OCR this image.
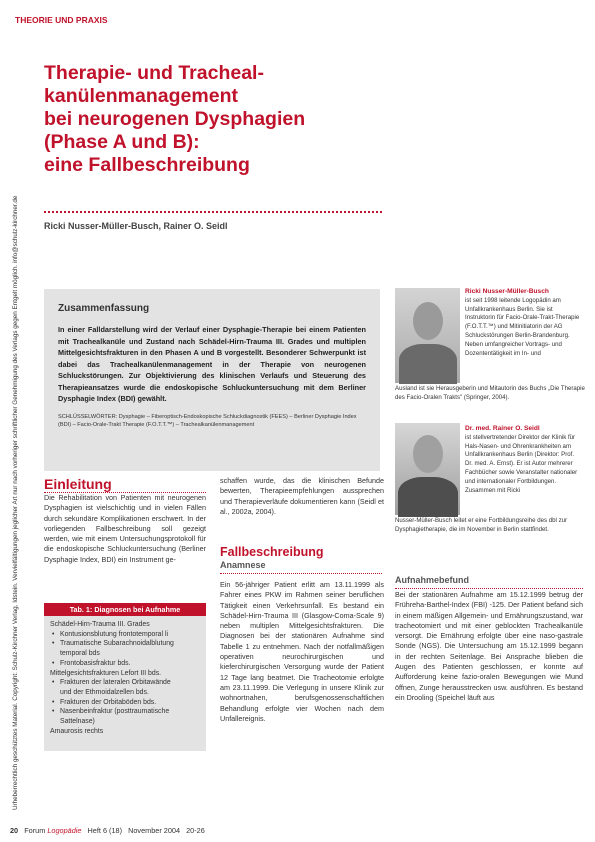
Urheberrechtlich geschütztes Material. Copyright: Schulz-Kirchner Verlag, Idstein. Vervielfältigungen jeglicher Art nur nach vorheriger schriftlicher Genehmigung des Verlags gegen Entgelt möglich. info@schulz-kirchner.de
THEORIE UND PRAXIS
Therapie- und Tracheal-
kanülenmanagement
bei neurogenen Dysphagien
(Phase A und B):
eine Fallbeschreibung
Ricki Nusser-Müller-Busch, Rainer O. Seidl
Zusammenfassung
In einer Falldarstellung wird der Verlauf einer Dysphagie-Therapie bei einem Patienten mit Trachealkanüle und Zustand nach Schädel-Hirn-Trauma III. Grades und multiplen Mittelgesichtsfrakturen in den Phasen A und B vorgestellt. Besonderer Schwerpunkt ist dabei das Trachealkanülenmanagement in der Therapie von neurogenen Schluckstörungen. Zur Objektivierung des klinischen Verlaufs und Steuerung des Therapieansatzes wurde die endoskopische Schluckuntersuchung mit dem Berliner Dysphagie Index (BDI) gewählt.
SCHLÜSSELWÖRTER: Dysphagie – Fiberoptisch-Endoskopische Schluckdiagnostik (FEES) – Berliner Dysphagie Index (BDI) – Facio-Orale-Trakt Therapie (F.O.T.T.™) – Trachealkanülenmanagement
Ricki Nusser-Müller-Busch
ist seit 1998 leitende Logopädin am Unfallkrankenhaus Berlin. Sie ist Instruktorin für Facio-Orale-Trakt-Therapie (F.O.T.T.™) und Mitinitiatorin der AG Schluckstörungen Berlin-Brandenburg. Neben umfangreicher Vortrags- und Dozententätigkeit im In- und
Ausland ist sie Herausgeberin und Mitautorin des Buchs „Die Therapie des Facio-Oralen Trakts" (Springer, 2004).
Dr. med. Rainer O. Seidl
ist stellvertretender Direktor der Klinik für Hals-Nasen- und Ohrenkrankheiten am Unfallkrankenhaus Berlin (Direktor: Prof. Dr. med. A. Ernst). Er ist Autor mehrerer Fachbücher sowie Veranstalter nationaler und internationaler Fortbildungen. Zusammen mit Ricki
Nusser-Müller-Busch leitet er eine Fortbildungsreihe des dbl zur Dysphagietherapie, die im November in Berlin stattfindet.
Einleitung

Die Rehabilitation von Patienten mit neurogenen Dysphagien ist vielschichtig und in vielen Fällen durch sekundäre Komplikationen erschwert. In der vorliegenden Fallbeschreibung soll gezeigt werden, wie mit einem Untersuchungsprotokoll für die endoskopische Schluckuntersuchung (Berliner Dysphagie Index, BDI) ein Instrument ge-

schaffen wurde, das die klinischen Befunde bewerten, Therapieempfehlungen aussprechen und Therapieverläufe dokumentieren kann (Seidl et al., 2002a, 2004).

Tab. 1: Diagnosen bei Aufnahme
Schädel-Hirn-Trauma III. Grades
• Kontusionsblutung frontotemporal li
• Traumatische Subarachnoidalblutung
temporal bds
• Frontobasisfraktur bds.
Mittelgesichtsfrakturen Lefort III bds.
• Frakturen der lateralen Orbitawände
und der Ethmoidalzellen bds.
• Frakturen der Orbitaböden bds.
• Nasenbeinfraktur (posttraumatische
Sattelnase)
Amaurosis rechts
Fallbeschreibung
Anamnese

Ein 56-jähriger Patient erlitt am 13.11.1999 als Fahrer eines PKW im Rahmen seiner beruflichen Tätigkeit einen Verkehrsunfall. Es bestand ein Schädel-Hirn-Trauma III (Glasgow-Coma-Scale 9) neben multiplen Mittelgesichtsfrakturen. Die Diagnosen bei der stationären Aufnahme sind Tabelle 1 zu entnehmen. Nach der notfallmäßigen operativen neurochirurgischen und kieferchirurgischen Versorgung wurde der Patient 12 Tage lang beatmet. Die Tracheotomie erfolgte am 23.11.1999. Die Verlegung in unsere Klinik zur wohnortnahen, berufsgenossenschaftlichen Behandlung erfolgte vier Wochen nach dem Unfallereignis.

Aufnahmebefund

Bei der stationären Aufnahme am 15.12.1999 betrug der Frühreha-Barthel-Index (FBI) -125. Der Patient befand sich in einem mäßigen Allgemein- und Ernährungszustand, war tracheotomiert und mit einer geblockten Trachealkanüle versorgt. Die Ernährung erfolgte über eine naso-gastrale Sonde (NGS). Die Untersuchung am 15.12.1999 begann in der rechten Seitenlage. Bei Ansprache blieben die Augen des Patienten geschlossen, er konnte auf Aufforderung keine fazio-oralen Bewegungen wie Mund öffnen, Zunge herausstrecken usw. ausführen. Es bestand ein Drooling (Speichel läuft aus

20 Forum Logopädie Heft 6 (18) November 2004 20-26
